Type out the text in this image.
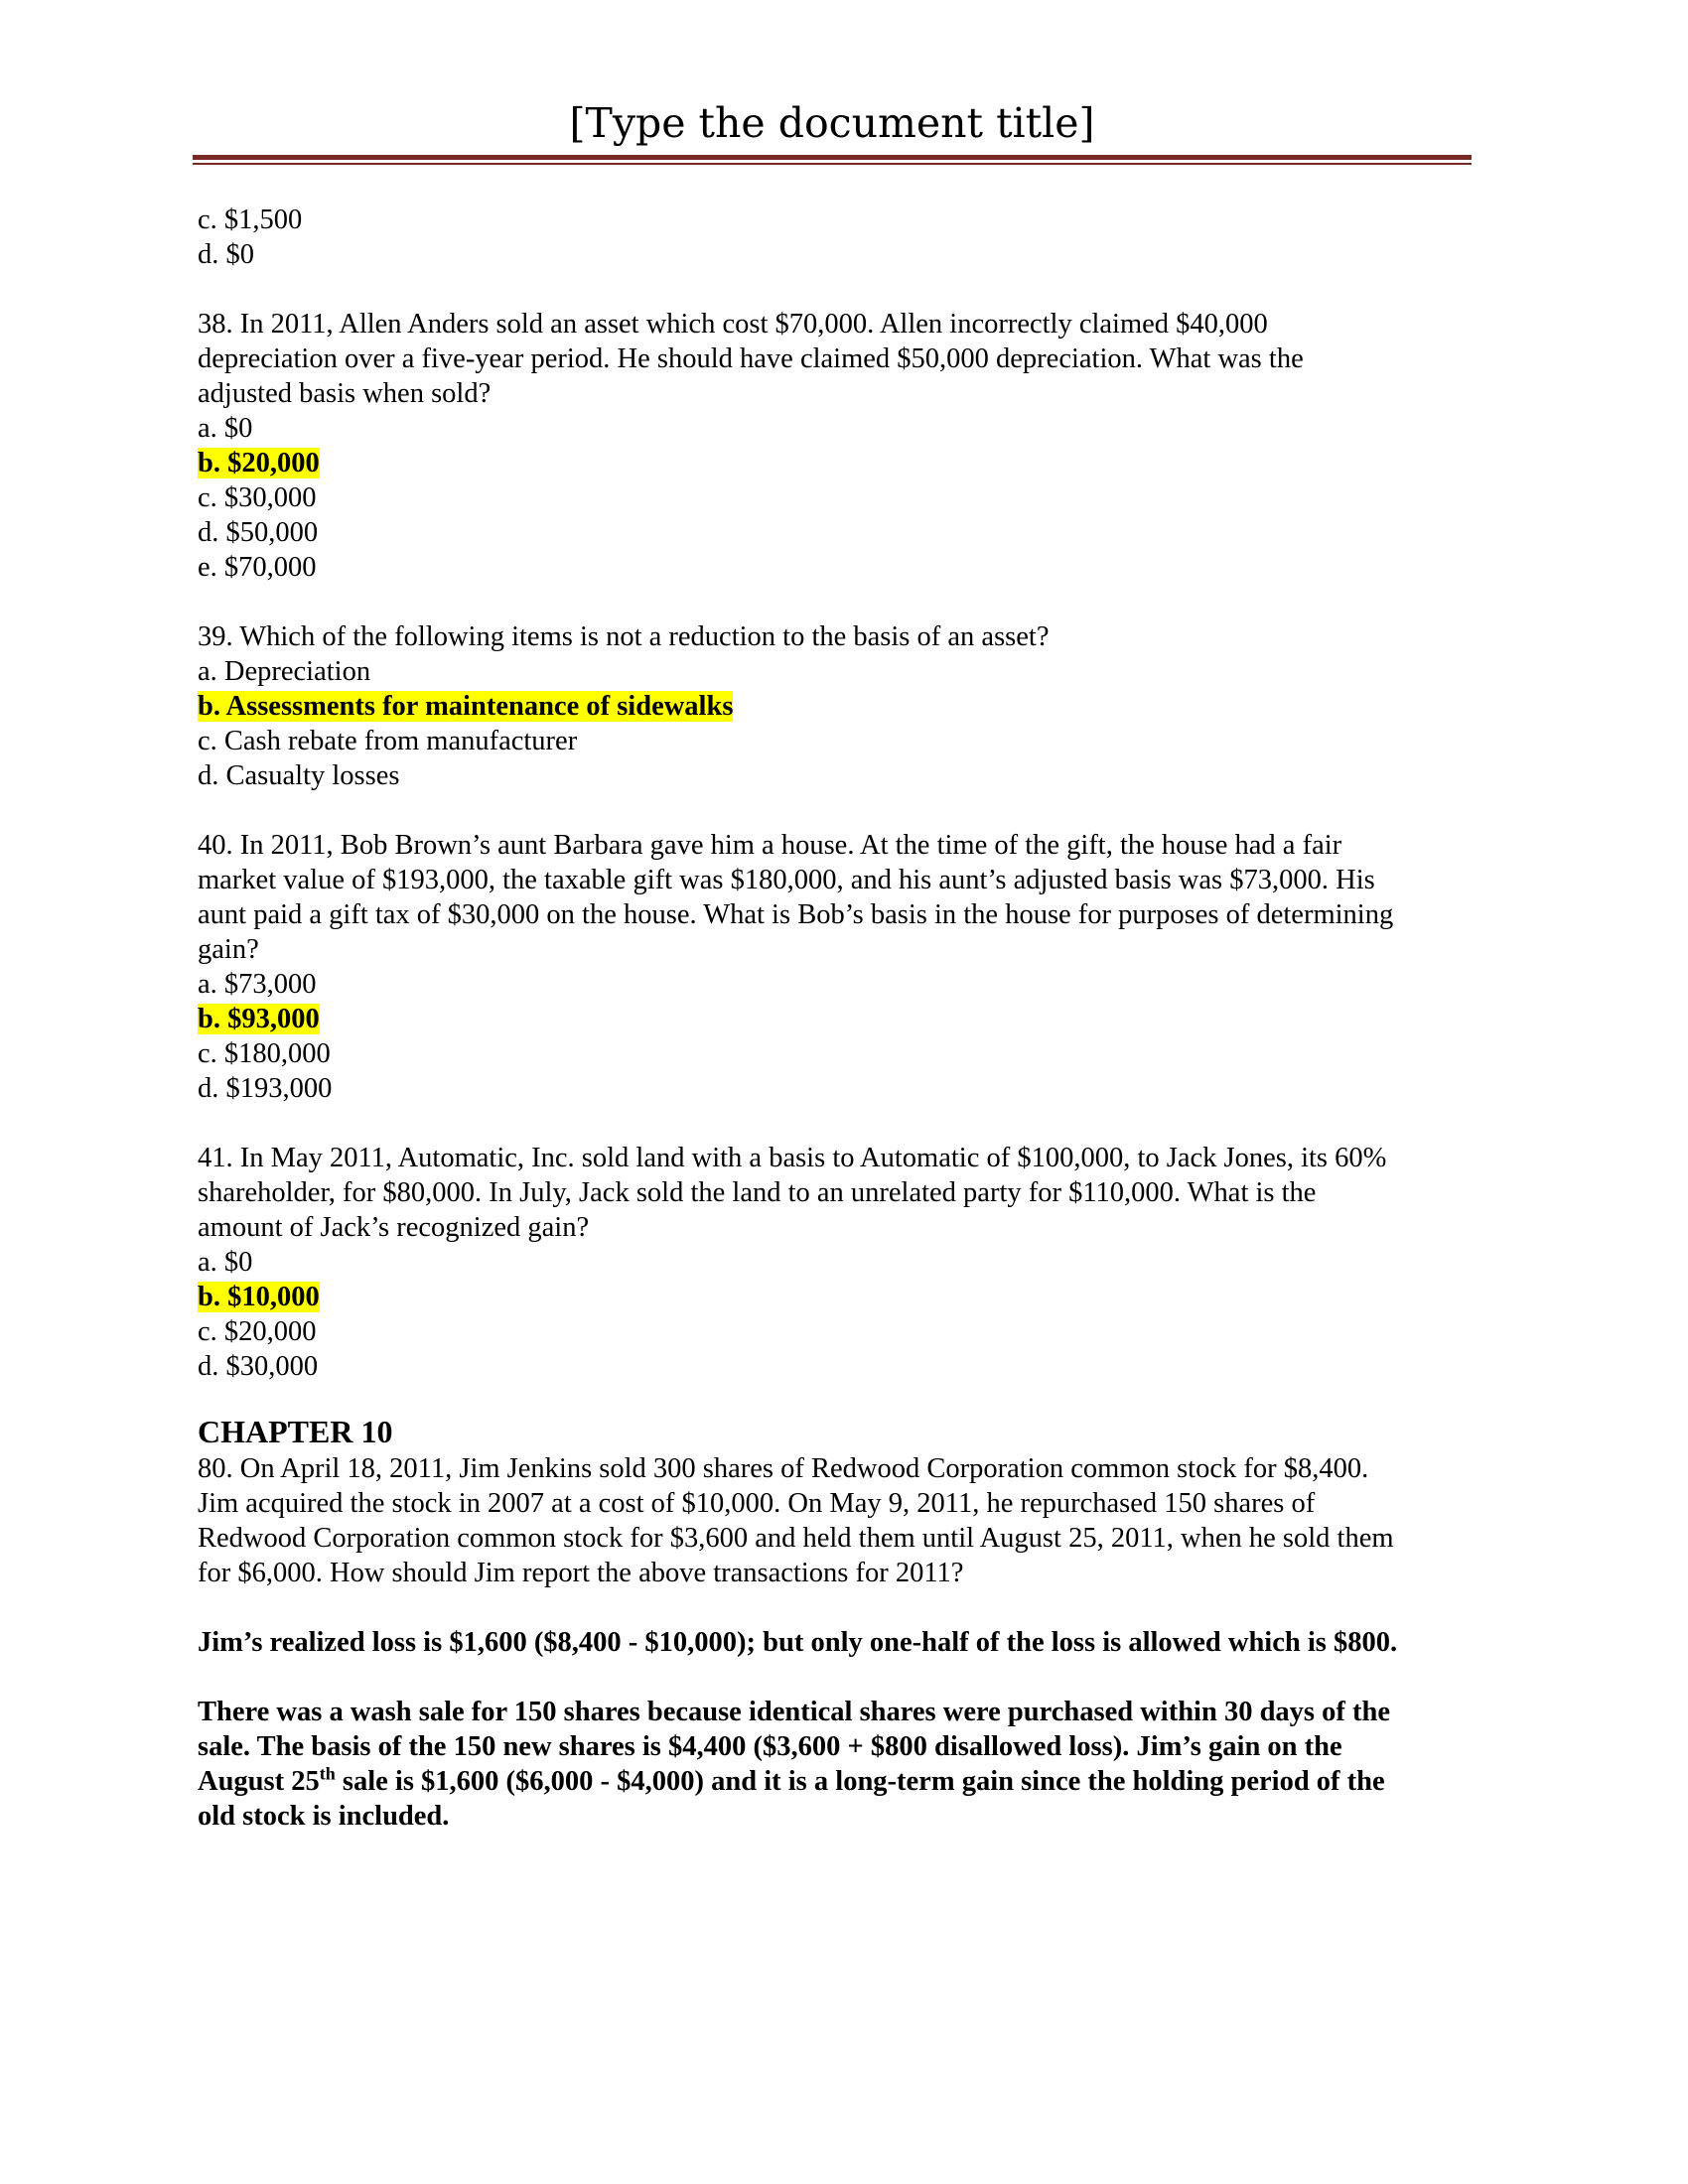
[Type the document title]

c. $1,500

d. $0

38. In 2011, Allen Anders sold an asset which cost $70,000. Allen incorrectly claimed $40,000

depreciation over a five-year period. He should have claimed $50,000 depreciation. What was the

adjusted basis when sold?

a. $0

b. $20,000

c. $30,000

d. $50,000

e. $70,000

39. Which of the following items is not a reduction to the basis of an asset?

a. Depreciation

b. Assessments for maintenance of sidewalks

c. Cash rebate from manufacturer

d. Casualty losses

40. In 2011, Bob Brown’s aunt Barbara gave him a house. At the time of the gift, the house had a fair

market value of $193,000, the taxable gift was $180,000, and his aunt’s adjusted basis was $73,000. His

aunt paid a gift tax of $30,000 on the house. What is Bob’s basis in the house for purposes of determining

gain?

a. $73,000

b. $93,000

c. $180,000

d. $193,000

41. In May 2011, Automatic, Inc. sold land with a basis to Automatic of $100,000, to Jack Jones, its 60%

shareholder, for $80,000. In July, Jack sold the land to an unrelated party for $110,000. What is the

amount of Jack’s recognized gain?

a. $0

b. $10,000

c. $20,000

d. $30,000

CHAPTER 10

80. On April 18, 2011, Jim Jenkins sold 300 shares of Redwood Corporation common stock for $8,400.

Jim acquired the stock in 2007 at a cost of $10,000. On May 9, 2011, he repurchased 150 shares of

Redwood Corporation common stock for $3,600 and held them until August 25, 2011, when he sold them

for $6,000. How should Jim report the above transactions for 2011?

Jim’s realized loss is $1,600 ($8,400 - $10,000); but only one-half of the loss is allowed which is $800.

There was a wash sale for 150 shares because identical shares were purchased within 30 days of the

sale. The basis of the 150 new shares is $4,400 ($3,600 + $800 disallowed loss). Jim’s gain on the

August 25th sale is $1,600 ($6,000 - $4,000) and it is a long-term gain since the holding period of the

old stock is included.
